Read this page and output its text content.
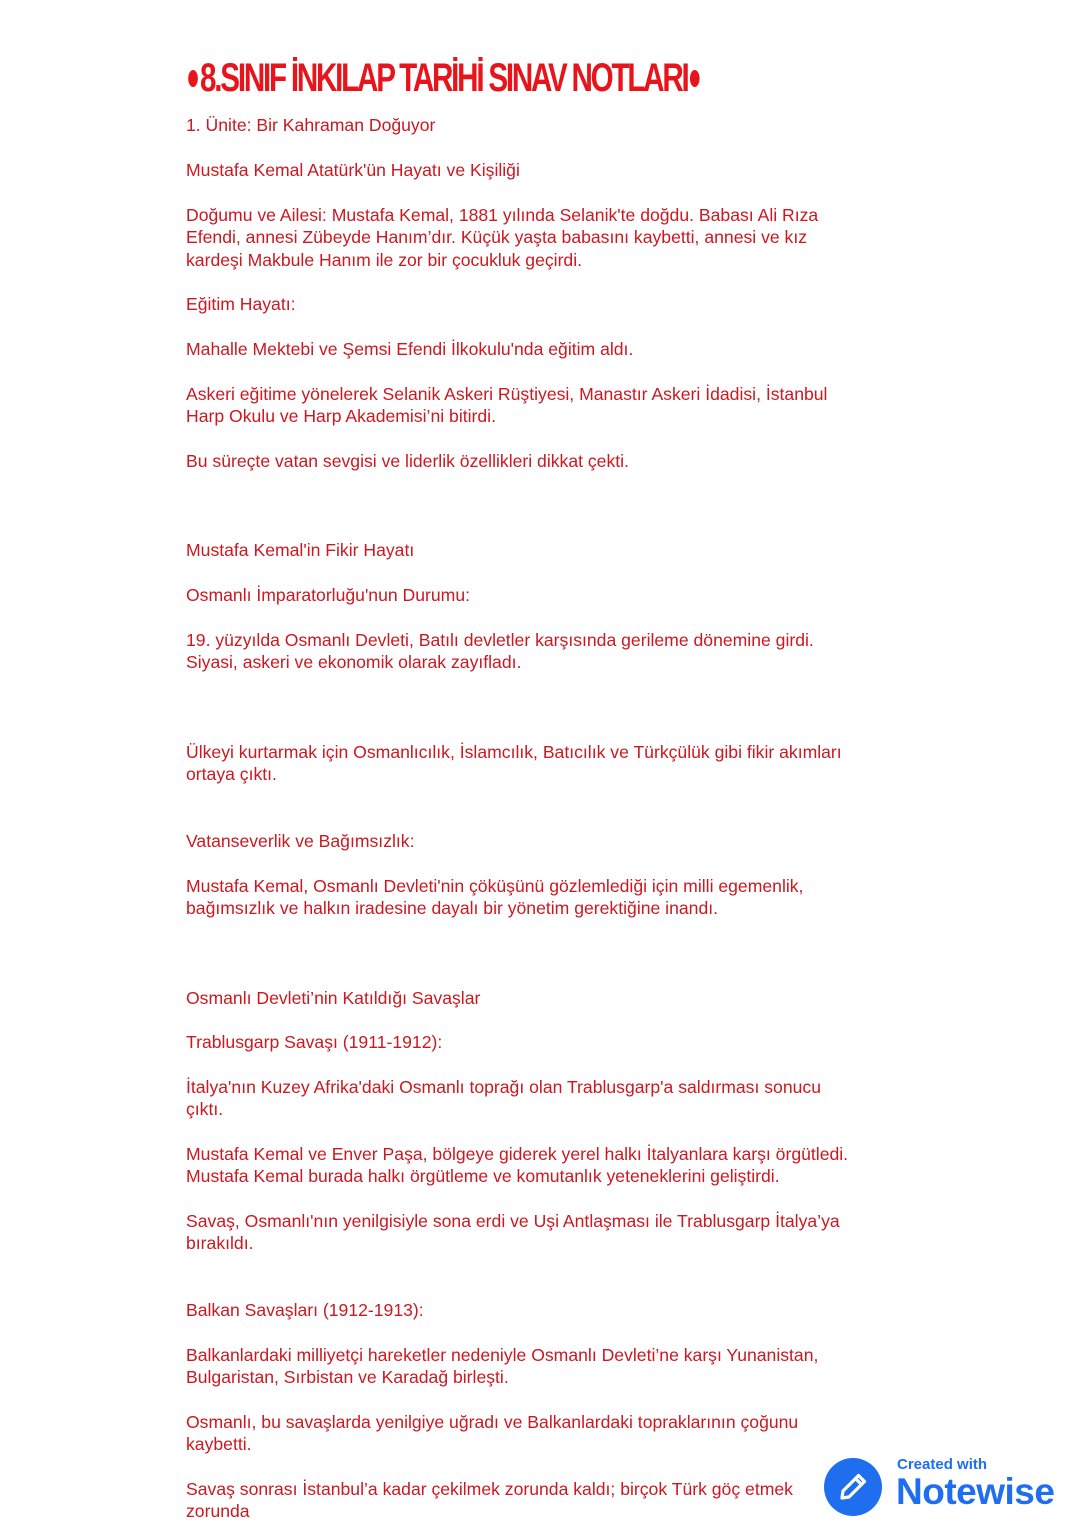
8.SINIF İNKILAP TARİHİ SINAV NOTLARI
1. Ünite: Bir Kahraman Doğuyor
Mustafa Kemal Atatürk'ün Hayatı ve Kişiliği
Doğumu ve Ailesi: Mustafa Kemal, 1881 yılında Selanik'te doğdu. Babası Ali Rıza
Efendi, annesi Zübeyde Hanım’dır. Küçük yaşta babasını kaybetti, annesi ve kız
kardeşi Makbule Hanım ile zor bir çocukluk geçirdi.
Eğitim Hayatı:
Mahalle Mektebi ve Şemsi Efendi İlkokulu'nda eğitim aldı.
Askeri eğitime yönelerek Selanik Askeri Rüştiyesi, Manastır Askeri İdadisi, İstanbul
Harp Okulu ve Harp Akademisi’ni bitirdi.
Bu süreçte vatan sevgisi ve liderlik özellikleri dikkat çekti.
Mustafa Kemal'in Fikir Hayatı
Osmanlı İmparatorluğu'nun Durumu:
19. yüzyılda Osmanlı Devleti, Batılı devletler karşısında gerileme dönemine girdi.
Siyasi, askeri ve ekonomik olarak zayıfladı.
Ülkeyi kurtarmak için Osmanlıcılık, İslamcılık, Batıcılık ve Türkçülük gibi fikir akımları
ortaya çıktı.
Vatanseverlik ve Bağımsızlık:
Mustafa Kemal, Osmanlı Devleti'nin çöküşünü gözlemlediği için milli egemenlik,
bağımsızlık ve halkın iradesine dayalı bir yönetim gerektiğine inandı.
Osmanlı Devleti’nin Katıldığı Savaşlar
Trablusgarp Savaşı (1911-1912):
İtalya'nın Kuzey Afrika'daki Osmanlı toprağı olan Trablusgarp'a saldırması sonucu
çıktı.
Mustafa Kemal ve Enver Paşa, bölgeye giderek yerel halkı İtalyanlara karşı örgütledi.
Mustafa Kemal burada halkı örgütleme ve komutanlık yeteneklerini geliştirdi.
Savaş, Osmanlı'nın yenilgisiyle sona erdi ve Uşi Antlaşması ile Trablusgarp İtalya’ya
bırakıldı.
Balkan Savaşları (1912-1913):
Balkanlardaki milliyetçi hareketler nedeniyle Osmanlı Devleti’ne karşı Yunanistan,
Bulgaristan, Sırbistan ve Karadağ birleşti.
Osmanlı, bu savaşlarda yenilgiye uğradı ve Balkanlardaki topraklarının çoğunu
kaybetti.
Savaş sonrası İstanbul’a kadar çekilmek zorunda kaldı; birçok Türk göç etmek
zorunda
Created with
Notewise
